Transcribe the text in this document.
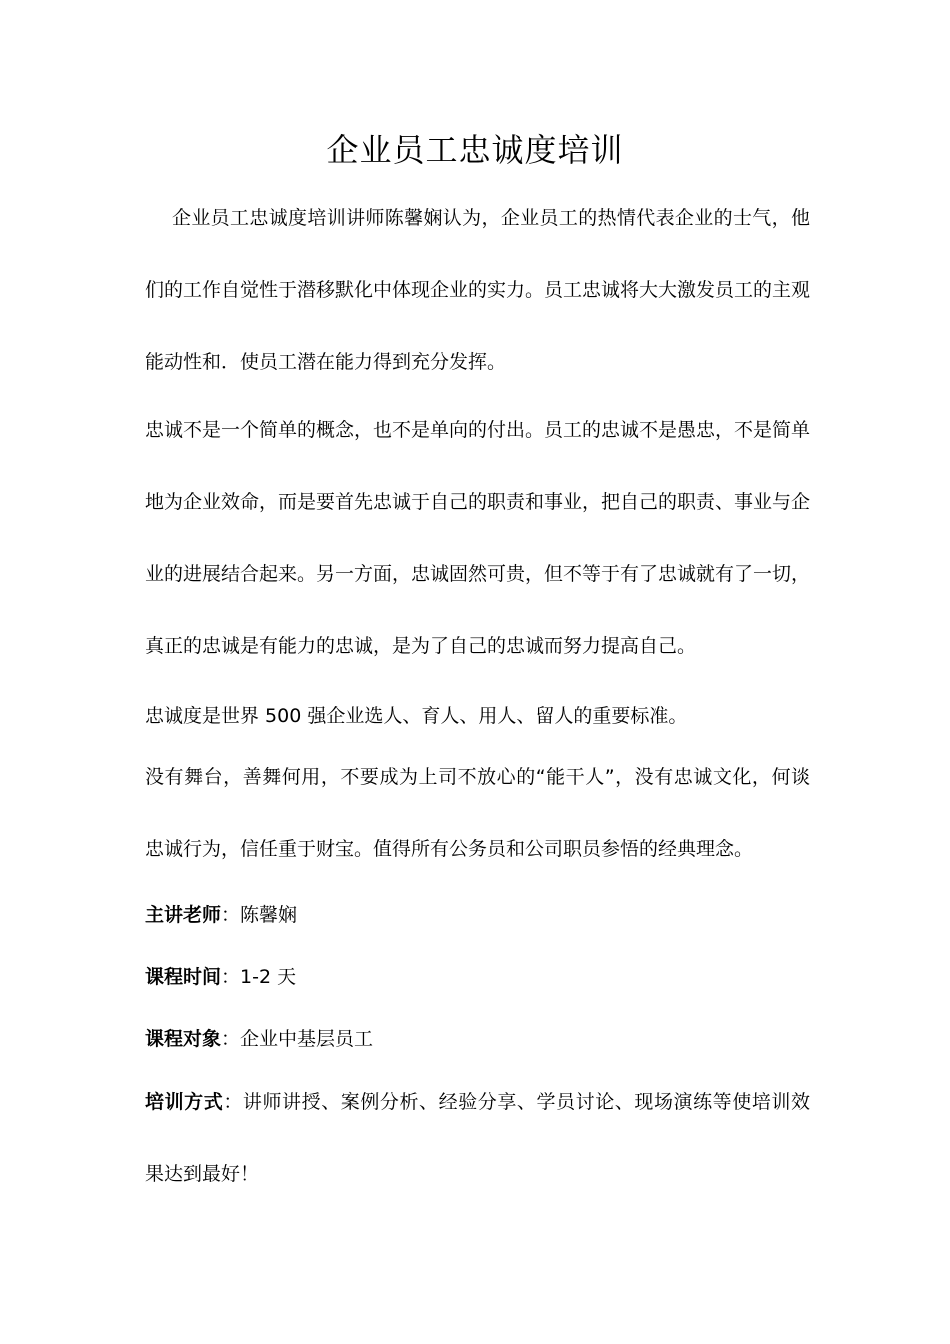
企业员工忠诚度培训

企业员工忠诚度培训讲师陈馨娴认为，企业员工的热情代表企业的士气，他们的工作自觉性于潜移默化中体现企业的实力。员工忠诚将大大激发员工的主观能动性和．使员工潜在能力得到充分发挥。

忠诚不是一个简单的概念，也不是单向的付出。员工的忠诚不是愚忠，不是简单地为企业效命，而是要首先忠诚于自己的职责和事业，把自己的职责、事业与企业的进展结合起来。另一方面，忠诚固然可贵，但不等于有了忠诚就有了一切，真正的忠诚是有能力的忠诚，是为了自己的忠诚而努力提高自己。

忠诚度是世界 500 强企业选人、育人、用人、留人的重要标准。

没有舞台，善舞何用，不要成为上司不放心的“能干人”，没有忠诚文化，何谈忠诚行为，信任重于财宝。值得所有公务员和公司职员参悟的经典理念。

主讲老师：陈馨娴
课程时间：1-2 天
课程对象：企业中基层员工

培训方式：讲师讲授、案例分析、经验分享、学员讨论、现场演练等使培训效果达到最好！
